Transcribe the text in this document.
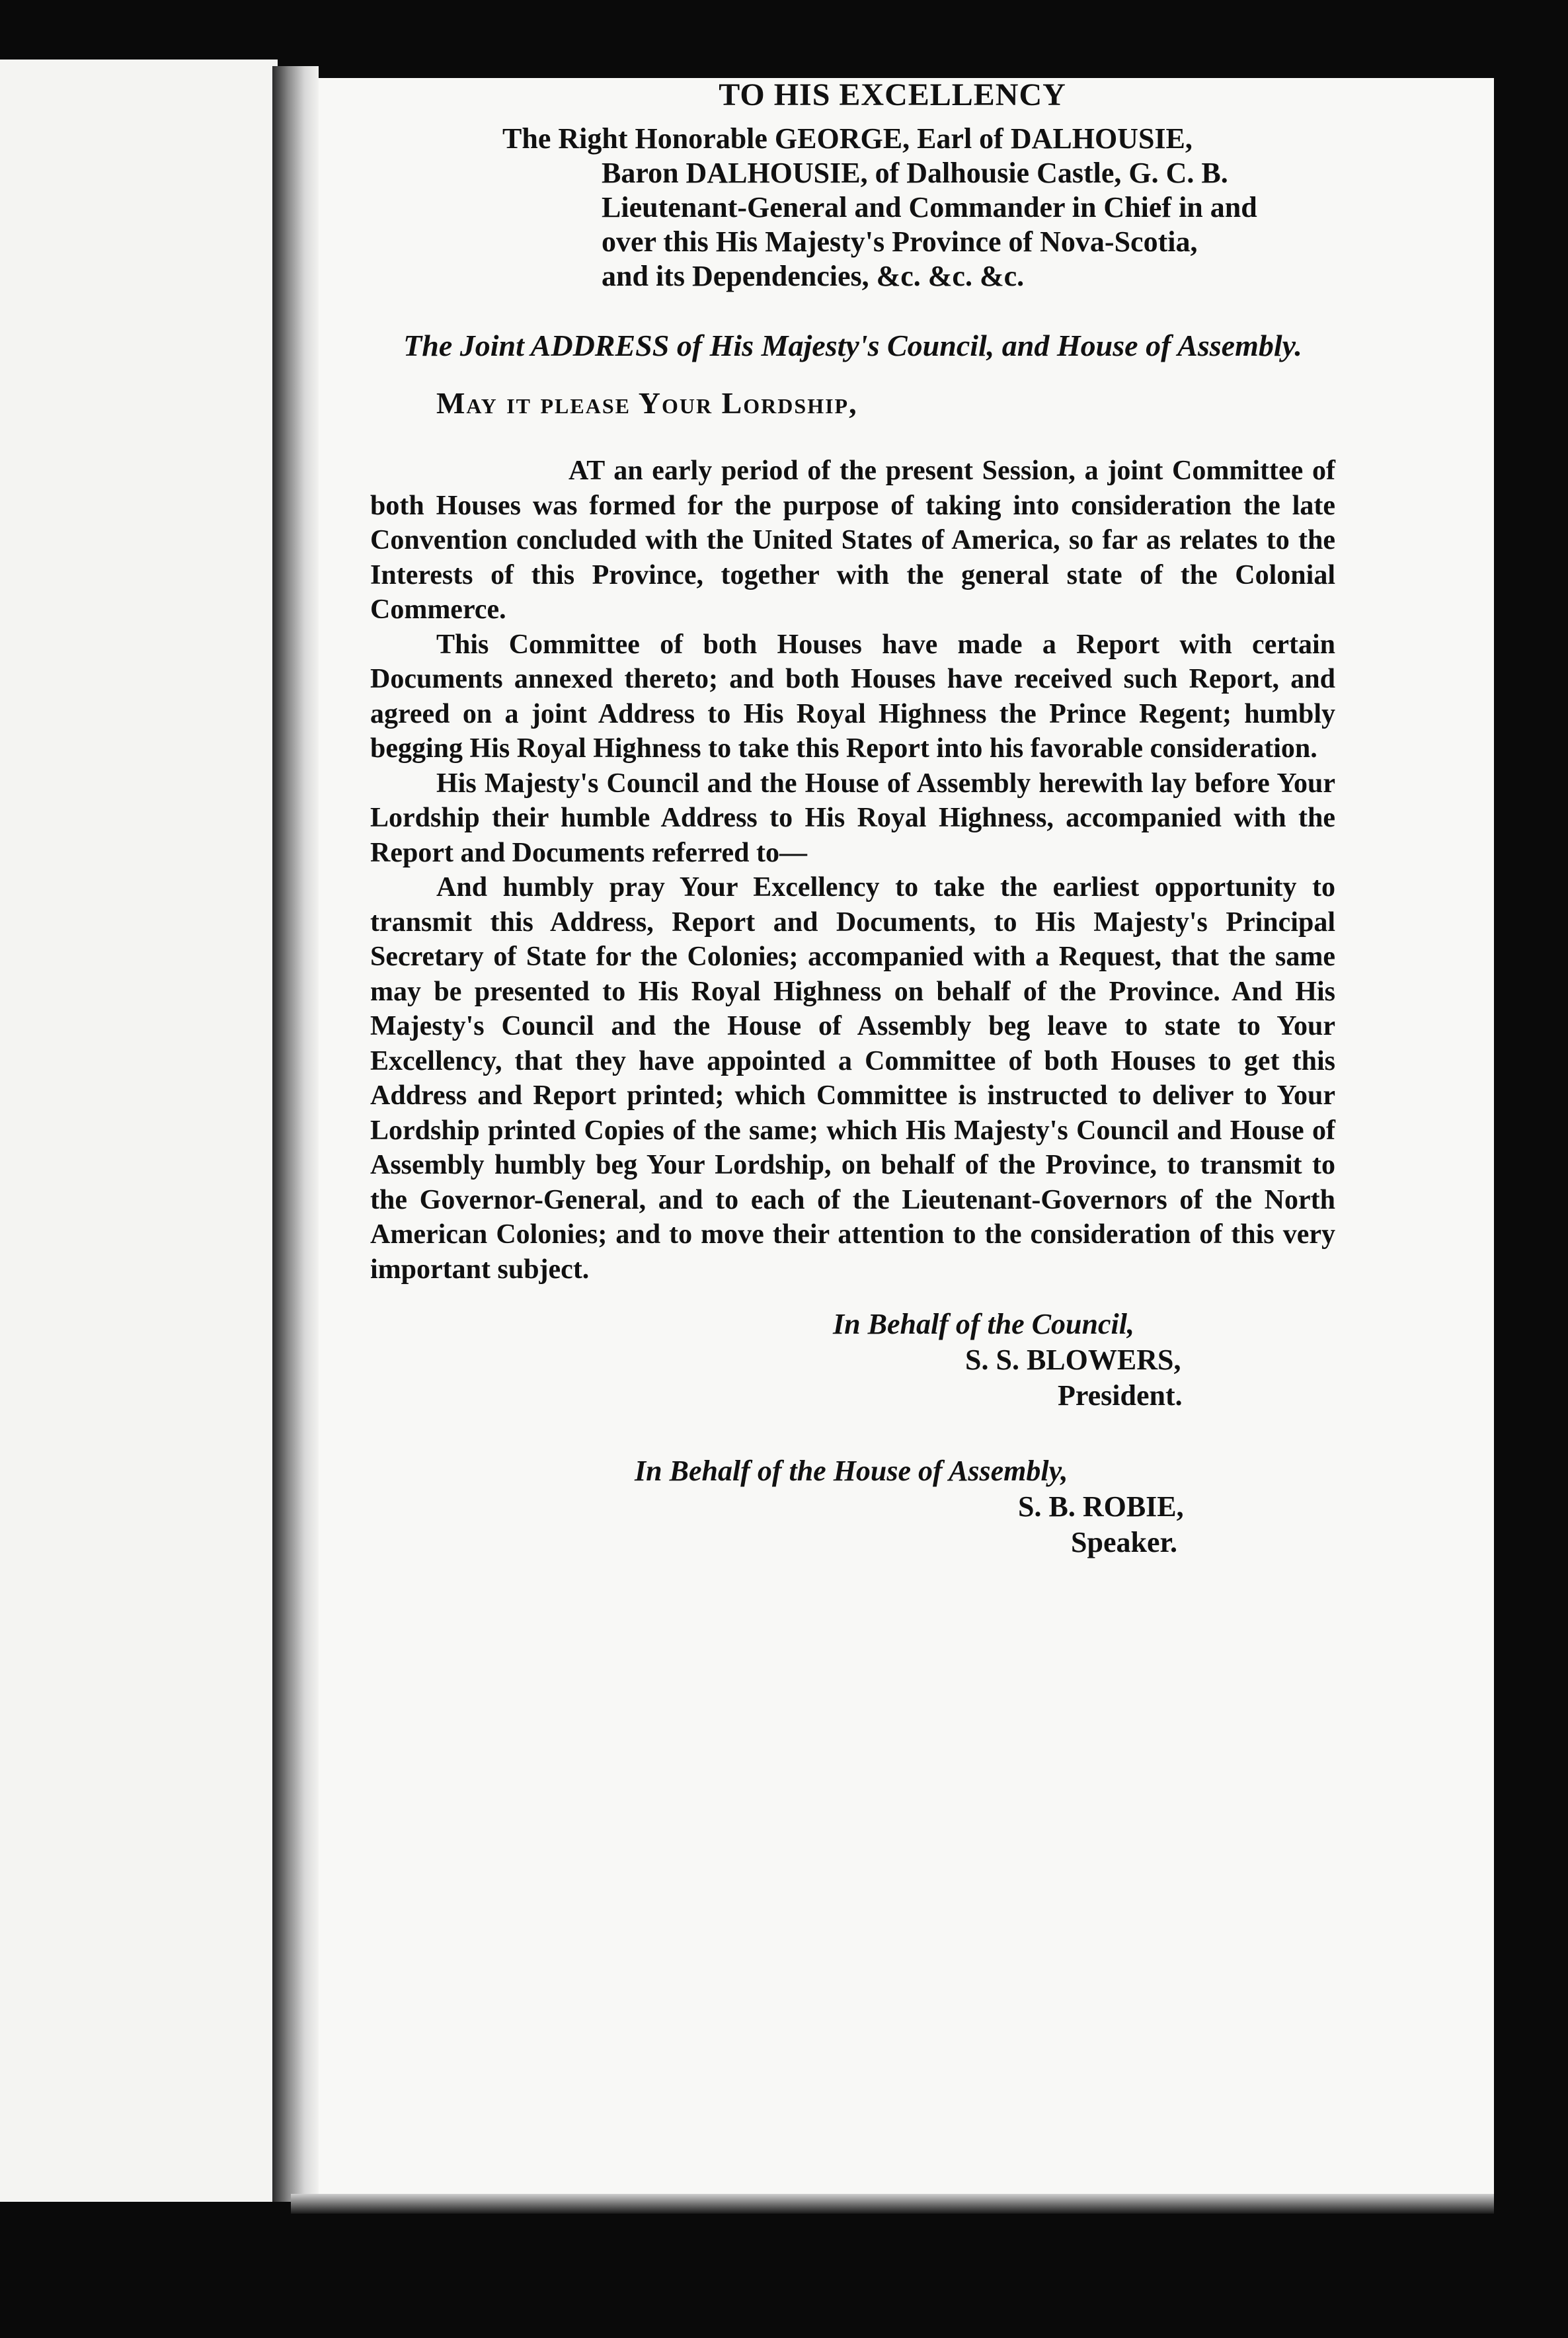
TO HIS EXCELLENCY
The Right Honorable GEORGE, Earl of DALHOUSIE,
Baron DALHOUSIE, of Dalhousie Castle, G. C. B.
Lieutenant-General and Commander in Chief in and
over this His Majesty's Province of Nova-Scotia,
and its Dependencies, &c. &c. &c.
The Joint ADDRESS of His Majesty's Council, and House of Assembly.
May it please Your Lordship,

AT an early period of the present Session, a joint Committee of both Houses was formed for the purpose of taking into consideration the late Convention concluded with the United States of America, so far as relates to the Interests of this Province, together with the general state of the Colonial Commerce.

This Committee of both Houses have made a Report with certain Documents annexed thereto; and both Houses have received such Report, and agreed on a joint Address to His Royal Highness the Prince Regent; humbly begging His Royal Highness to take this Report into his favorable consideration.

His Majesty's Council and the House of Assembly herewith lay before Your Lordship their humble Address to His Royal Highness, accompanied with the Report and Documents referred to—

And humbly pray Your Excellency to take the earliest opportunity to transmit this Address, Report and Documents, to His Majesty's Principal Secretary of State for the Colonies; accompanied with a Request, that the same may be presented to His Royal Highness on behalf of the Province. And His Majesty's Council and the House of Assembly beg leave to state to Your Excellency, that they have appointed a Committee of both Houses to get this Address and Report printed; which Committee is instructed to deliver to Your Lordship printed Copies of the same; which His Majesty's Council and House of Assembly humbly beg Your Lordship, on behalf of the Province, to transmit to the Governor-General, and to each of the Lieutenant-Governors of the North American Colonies; and to move their attention to the consideration of this very important subject.

In Behalf of the Council,
S. S. BLOWERS,
President.
In Behalf of the House of Assembly,
S. B. ROBIE,
Speaker.
